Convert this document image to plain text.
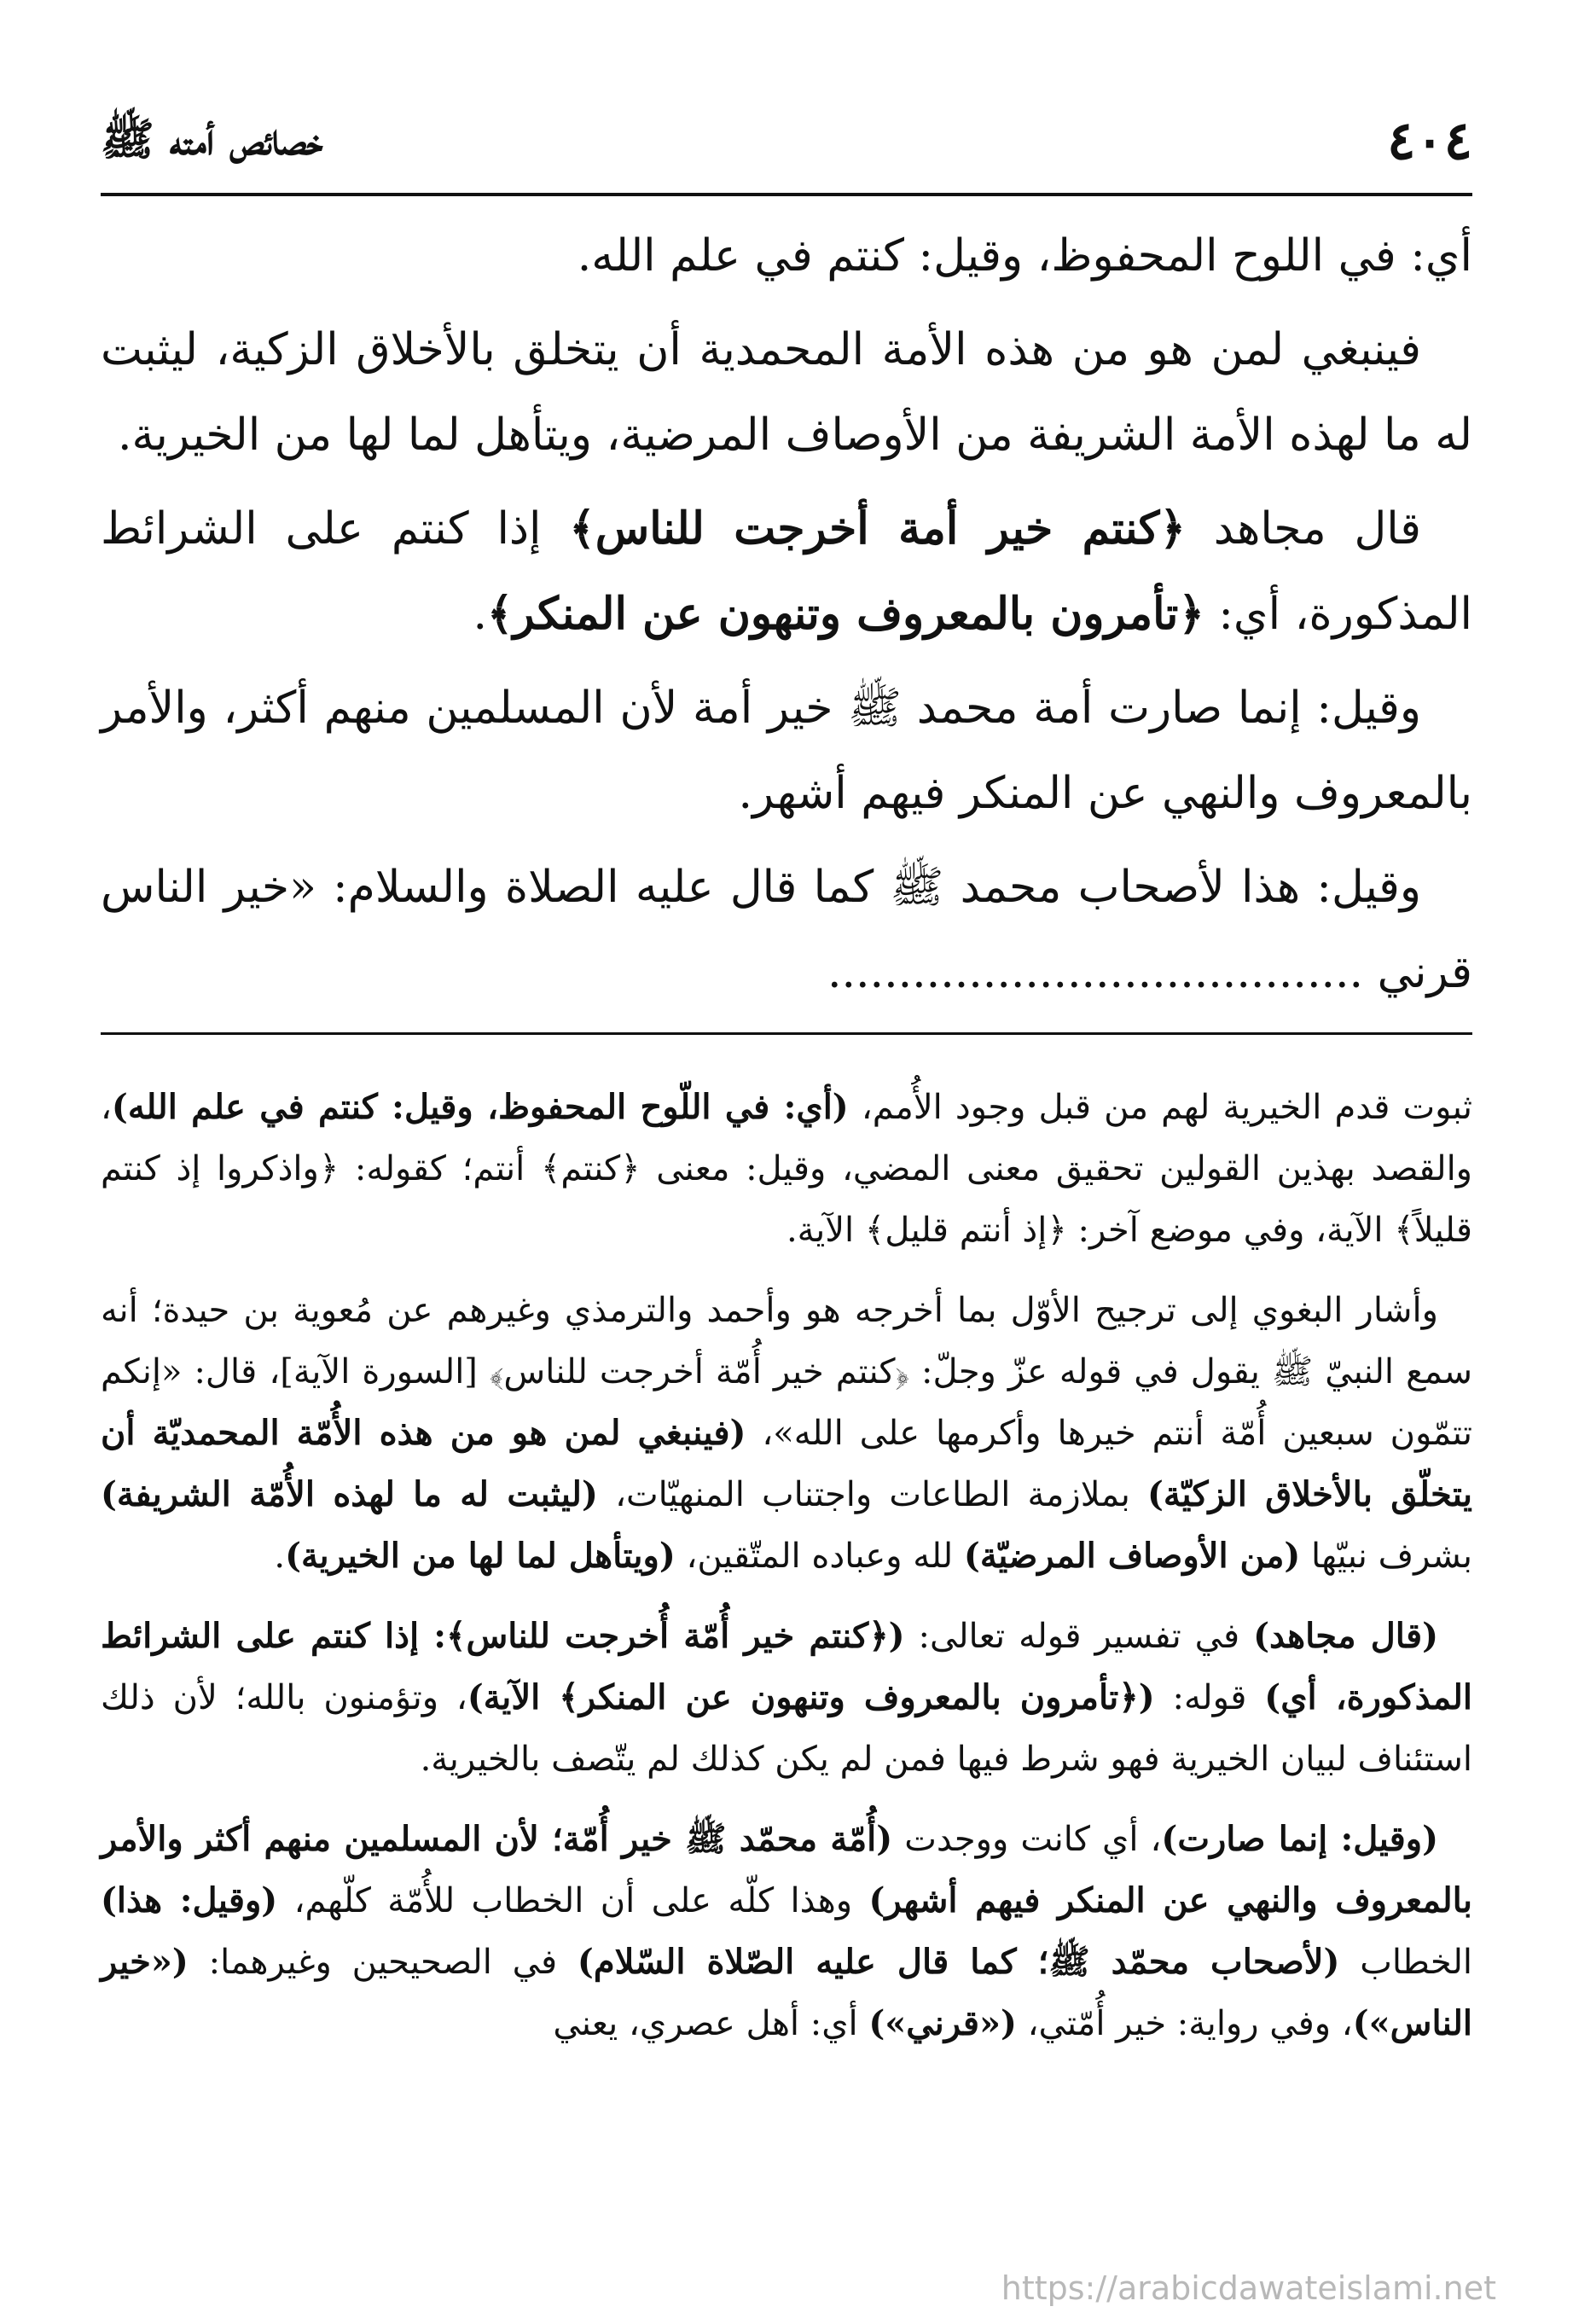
٤٠٤
خصائص أمته ﷺ

أي: في اللوح المحفوظ، وقيل: كنتم في علم الله.

فينبغي لمن هو من هذه الأمة المحمدية أن يتخلق بالأخلاق الزكية، ليثبت له ما لهذه الأمة الشريفة من الأوصاف المرضية، ويتأهل لما لها من الخيرية.

قال مجاهد ﴿كنتم خير أمة أخرجت للناس﴾ إذا كنتم على الشرائط المذكورة، أي: ﴿تأمرون بالمعروف وتنهون عن المنكر﴾.

وقيل: إنما صارت أمة محمد ﷺ خير أمة لأن المسلمين منهم أكثر، والأمر بالمعروف والنهي عن المنكر فيهم أشهر.

وقيل: هذا لأصحاب محمد ﷺ كما قال عليه الصلاة والسلام: «خير الناس قرني ......................................

ثبوت قدم الخيرية لهم من قبل وجود الأُمم، (أي: في اللّوح المحفوظ، وقيل: كنتم في علم الله)، والقصد بهذين القولين تحقيق معنى المضي، وقيل: معنى ﴿كنتم﴾ أنتم؛ كقوله: ﴿واذكروا إذ كنتم قليلاً﴾ الآية، وفي موضع آخر: ﴿إذ أنتم قليل﴾ الآية.

وأشار البغوي إلى ترجيح الأوّل بما أخرجه هو وأحمد والترمذي وغيرهم عن مُعوية بن حيدة؛ أنه سمع النبيّ ﷺ يقول في قوله عزّ وجلّ: ﴿كنتم خير أُمّة أخرجت للناس﴾ [السورة الآية]، قال: «إنكم تتمّون سبعين أُمّة أنتم خيرها وأكرمها على الله»، (فينبغي لمن هو من هذه الأُمّة المحمديّة أن يتخلّق بالأخلاق الزكيّة) بملازمة الطاعات واجتناب المنهيّات، (ليثبت له ما لهذه الأُمّة الشريفة) بشرف نبيّها (من الأوصاف المرضيّة) لله وعباده المتّقين، (ويتأهل لما لها من الخيرية).

(قال مجاهد) في تفسير قوله تعالى: (﴿كنتم خير أُمّة أُخرجت للناس﴾: إذا كنتم على الشرائط المذكورة، أي) قوله: (﴿تأمرون بالمعروف وتنهون عن المنكر﴾ الآية)، وتؤمنون بالله؛ لأن ذلك استئناف لبيان الخيرية فهو شرط فيها فمن لم يكن كذلك لم يتّصف بالخيرية.

(وقيل: إنما صارت)، أي كانت ووجدت (أُمّة محمّد ﷺ خير أُمّة؛ لأن المسلمين منهم أكثر والأمر بالمعروف والنهي عن المنكر فيهم أشهر) وهذا كلّه على أن الخطاب للأُمّة كلّهم، (وقيل: هذا) الخطاب (لأصحاب محمّد ﷺ؛ كما قال عليه الصّلاة السّلام) في الصحيحين وغيرهما: («خير الناس»)، وفي رواية: خير أُمّتي، («قرني») أي: أهل عصري، يعني

https://arabicdawateislami.net
